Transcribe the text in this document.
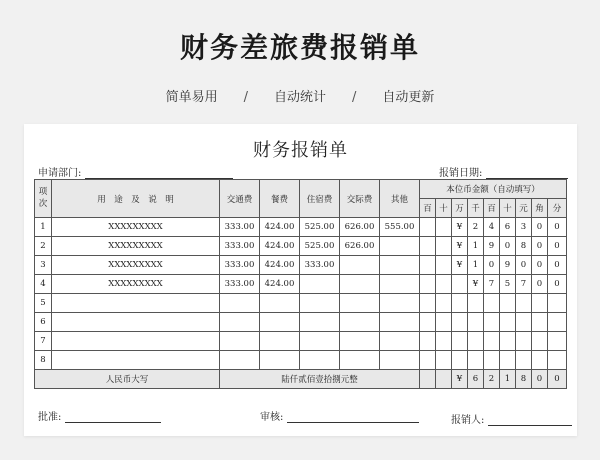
财务差旅费报销单
简单易用 / 自动统计 / 自动更新
财务报销单
申请部门:	报销日期:
项次	用　途　及　说　明	交通费	餐费	住宿费	交际费	其他	本位币金额（自动填写）								
							百	十	万	千	百	十	元	角	分
1	XXXXXXXXX	333.00	424.00	525.00	626.00	555.00			¥	2	4	6	3	0	0
2	XXXXXXXXX	333.00	424.00	525.00	626.00				¥	1	9	0	8	0	0
3	XXXXXXXXX	333.00	424.00	333.00					¥	1	0	9	0	0	0
4	XXXXXXXXX	333.00	424.00							¥	7	5	7	0	0
5															
6															
7															
8															
人民币大写		陆仟贰佰壹拾捌元整							¥	6	2	1	8	0	0
批准:	审核:	报销人:
